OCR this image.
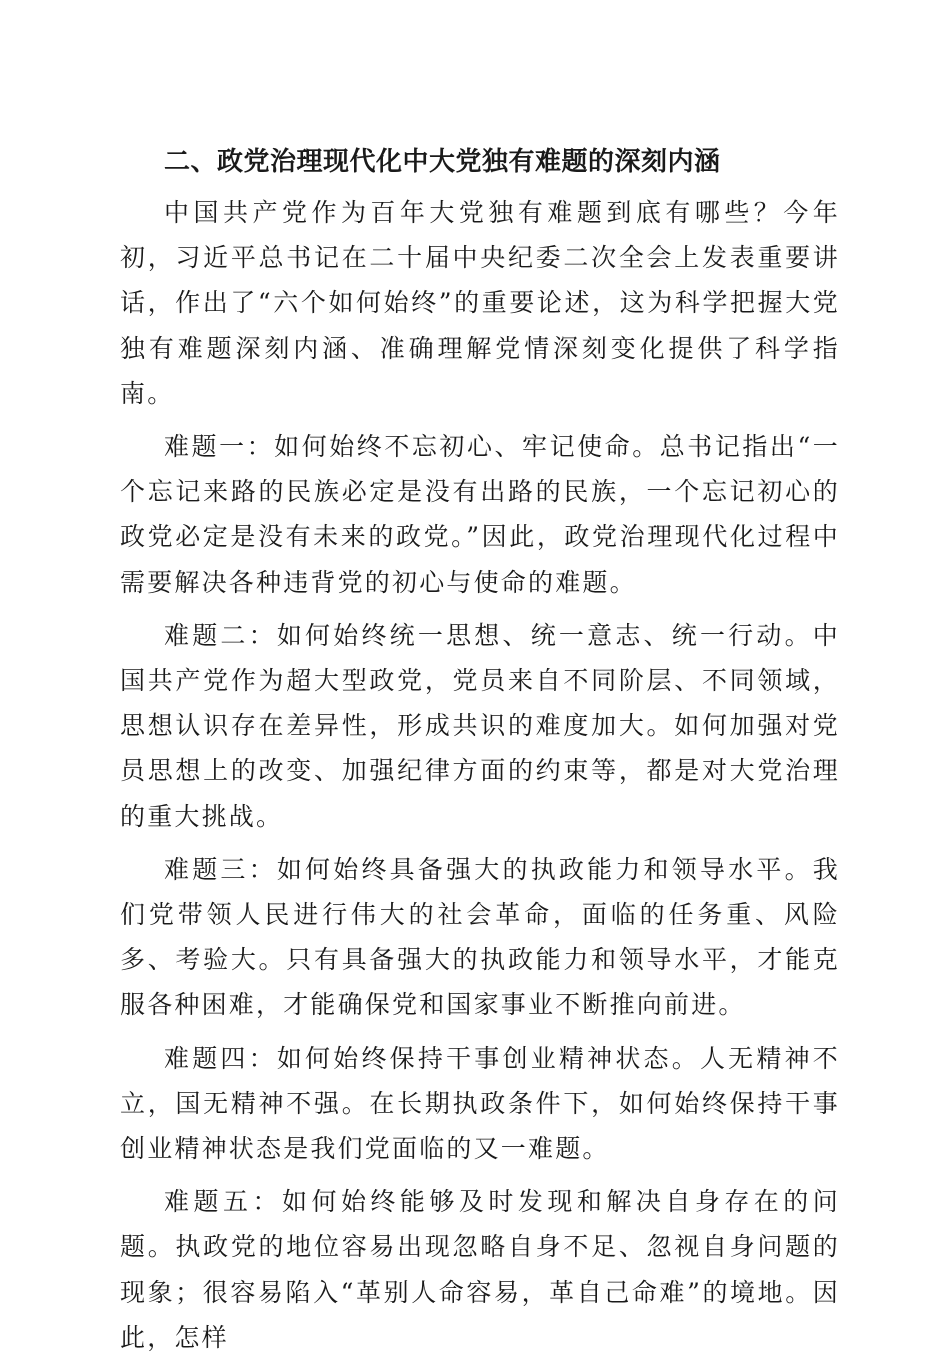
二、政党治理现代化中大党独有难题的深刻内涵

中国共产党作为百年大党独有难题到底有哪些？今年初，习近平总书记在二十届中央纪委二次全会上发表重要讲话，作出了“六个如何始终”的重要论述，这为科学把握大党独有难题深刻内涵、准确理解党情深刻变化提供了科学指南。

难题一：如何始终不忘初心、牢记使命。总书记指出“一个忘记来路的民族必定是没有出路的民族，一个忘记初心的政党必定是没有未来的政党。”因此，政党治理现代化过程中需要解决各种违背党的初心与使命的难题。

难题二：如何始终统一思想、统一意志、统一行动。中国共产党作为超大型政党，党员来自不同阶层、不同领域，思想认识存在差异性，形成共识的难度加大。如何加强对党员思想上的改变、加强纪律方面的约束等，都是对大党治理的重大挑战。

难题三：如何始终具备强大的执政能力和领导水平。我们党带领人民进行伟大的社会革命，面临的任务重、风险多、考验大。只有具备强大的执政能力和领导水平，才能克服各种困难，才能确保党和国家事业不断推向前进。

难题四：如何始终保持干事创业精神状态。人无精神不立，国无精神不强。在长期执政条件下，如何始终保持干事创业精神状态是我们党面临的又一难题。

难题五：如何始终能够及时发现和解决自身存在的问题。执政党的地位容易出现忽略自身不足、忽视自身问题的现象；很容易陷入“革别人命容易，革自己命难”的境地。因此，怎样
